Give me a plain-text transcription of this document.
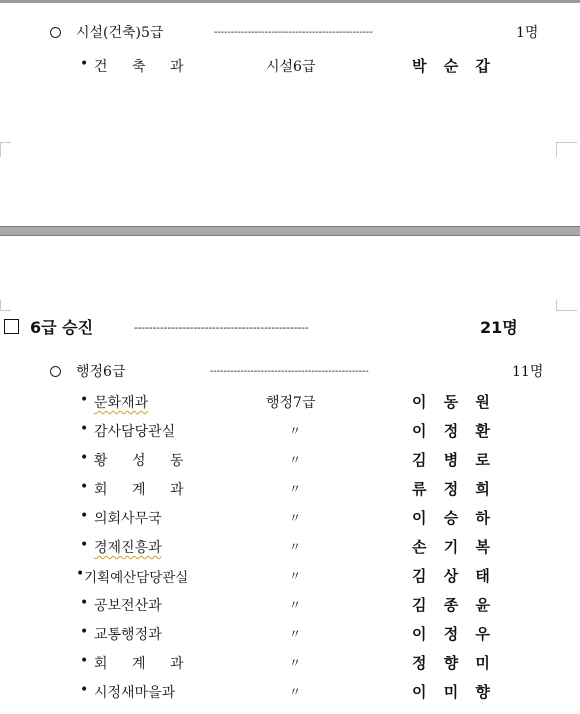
시설(건축)5급	-----------------------------------------------	1명
• 건 축 과	시설6급	박 순 갑
6급 승진	-----------------------------------------------	21명
행정6급	-----------------------------------------------	11명
• 문화재과	행정7급	이 동 원
• 감사담당관실	〃	이 정 환
• 황 성 동	〃	김 병 로
• 회 계 과	〃	류 정 희
• 의회사무국	〃	이 승 하
• 경제진흥과	〃	손 기 복
• 기획예산담당관실	〃	김 상 태
• 공보전산과	〃	김 종 윤
• 교통행정과	〃	이 정 우
• 회 계 과	〃	정 향 미
• 시정새마을과	〃	이 미 향
